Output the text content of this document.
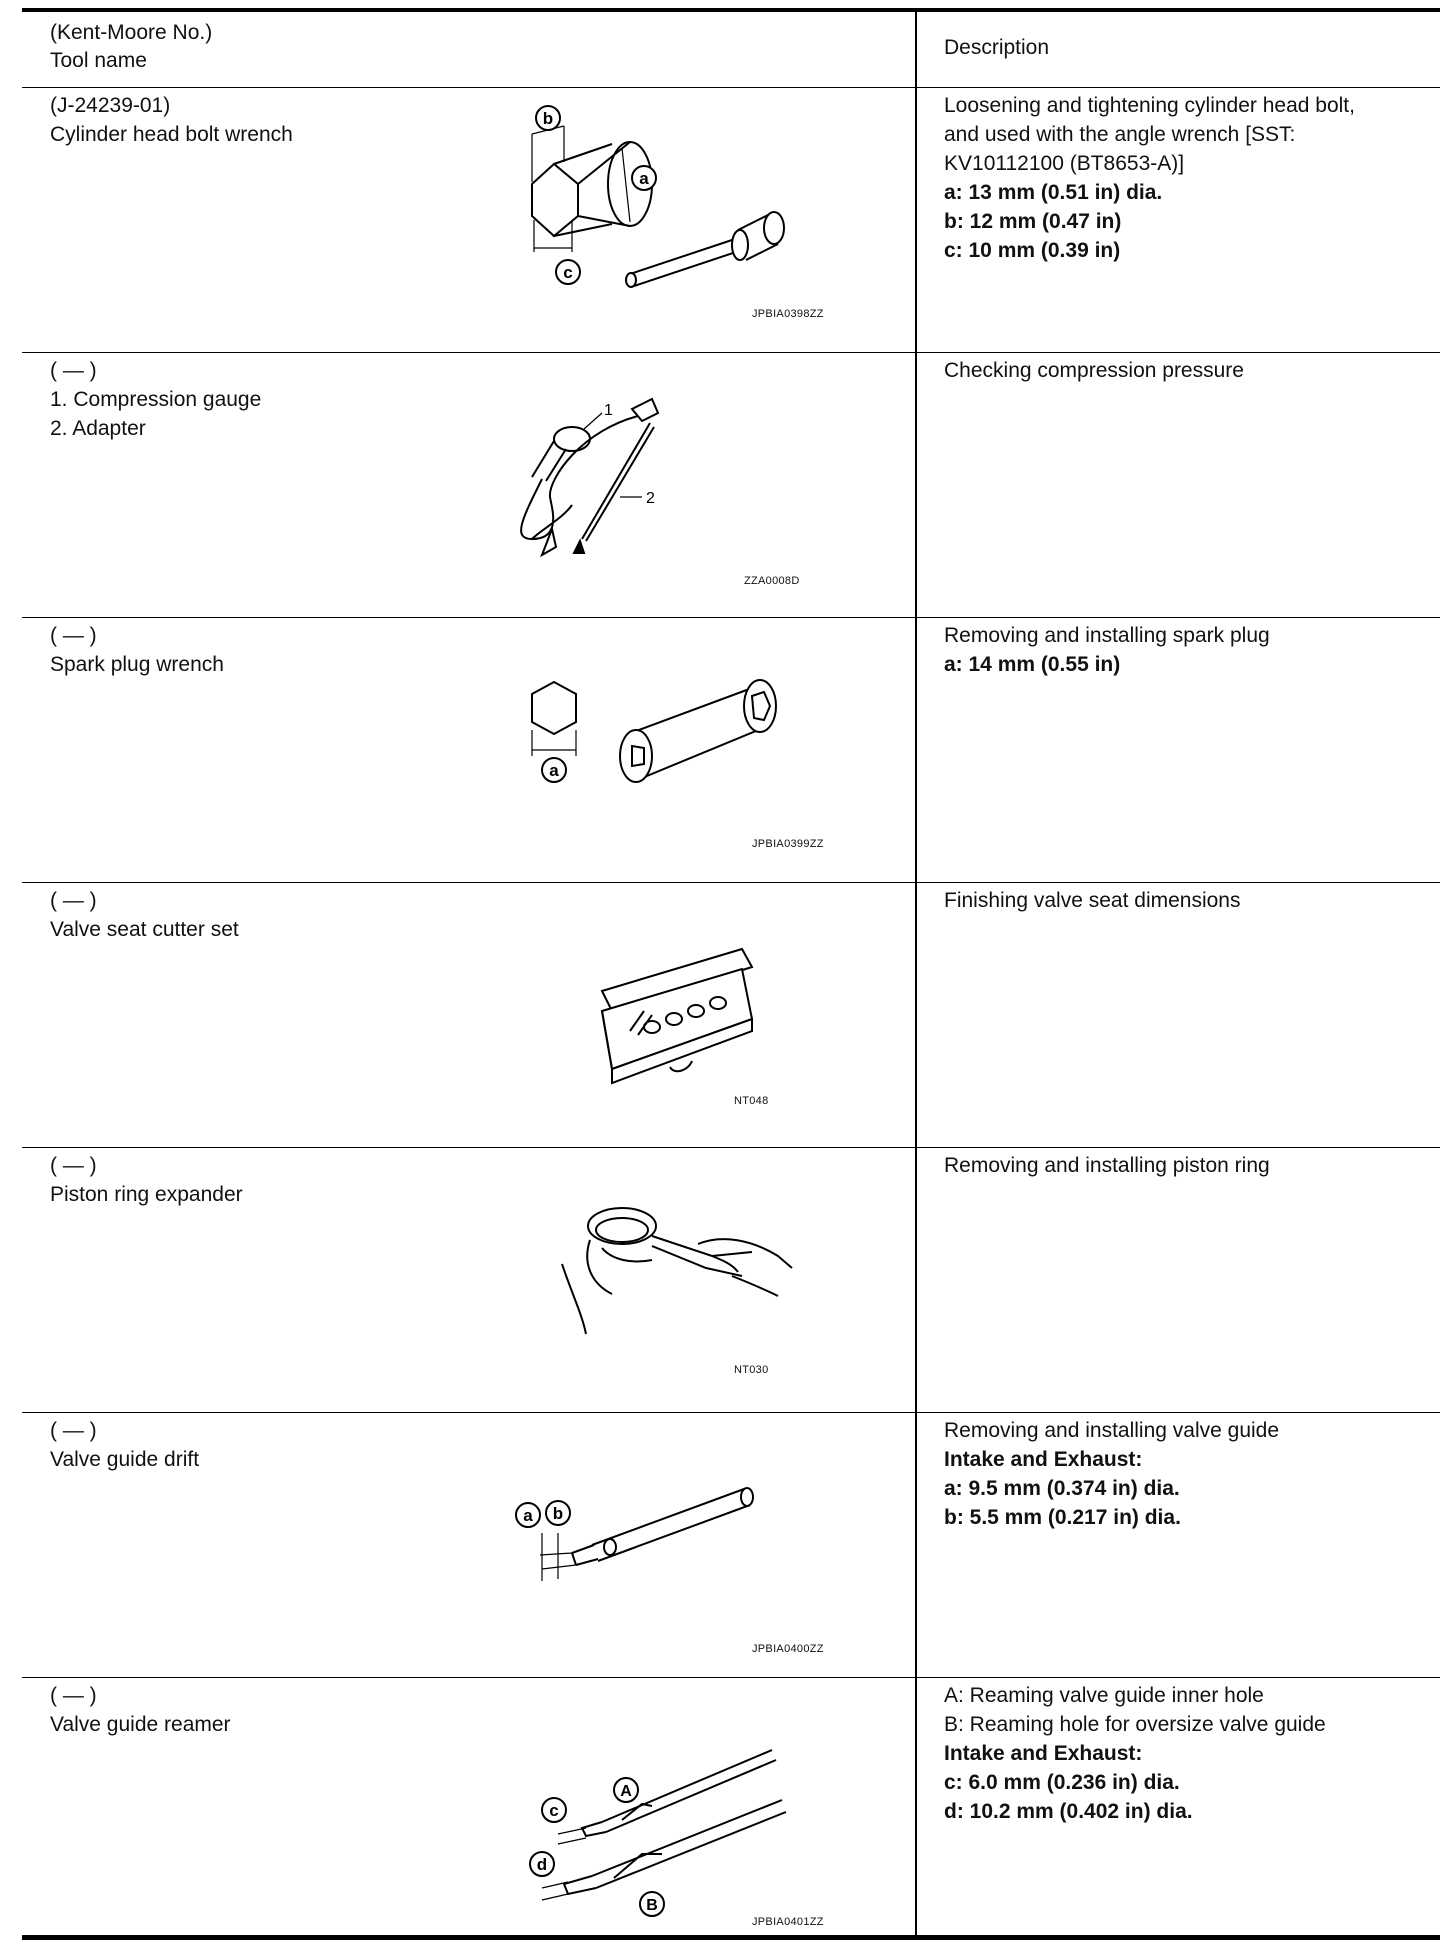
(Kent-Moore No.)
Tool name
Description
(J-24239-01)
Cylinder head bolt wrench
b
a
c
JPBIA0398ZZ
Loosening and tightening cylinder head bolt,
and used with the angle wrench [SST:
KV10112100 (BT8653-A)]
a: 13 mm (0.51 in) dia.
b: 12 mm (0.47 in)
c: 10 mm (0.39 in)
( — )
1. Compression gauge
2. Adapter
1
2
ZZA0008D
Checking compression pressure
( — )
Spark plug wrench
a
JPBIA0399ZZ
Removing and installing spark plug
a: 14 mm (0.55 in)
( — )
Valve seat cutter set
NT048
Finishing valve seat dimensions
( — )
Piston ring expander
NT030
Removing and installing piston ring
( — )
Valve guide drift
a b
JPBIA0400ZZ
Removing and installing valve guide
Intake and Exhaust:
a: 9.5 mm (0.374 in) dia.
b: 5.5 mm (0.217 in) dia.
( — )
Valve guide reamer
c
d
A
B
JPBIA0401ZZ
A: Reaming valve guide inner hole
B: Reaming hole for oversize valve guide
Intake and Exhaust:
c: 6.0 mm (0.236 in) dia.
d: 10.2 mm (0.402 in) dia.
